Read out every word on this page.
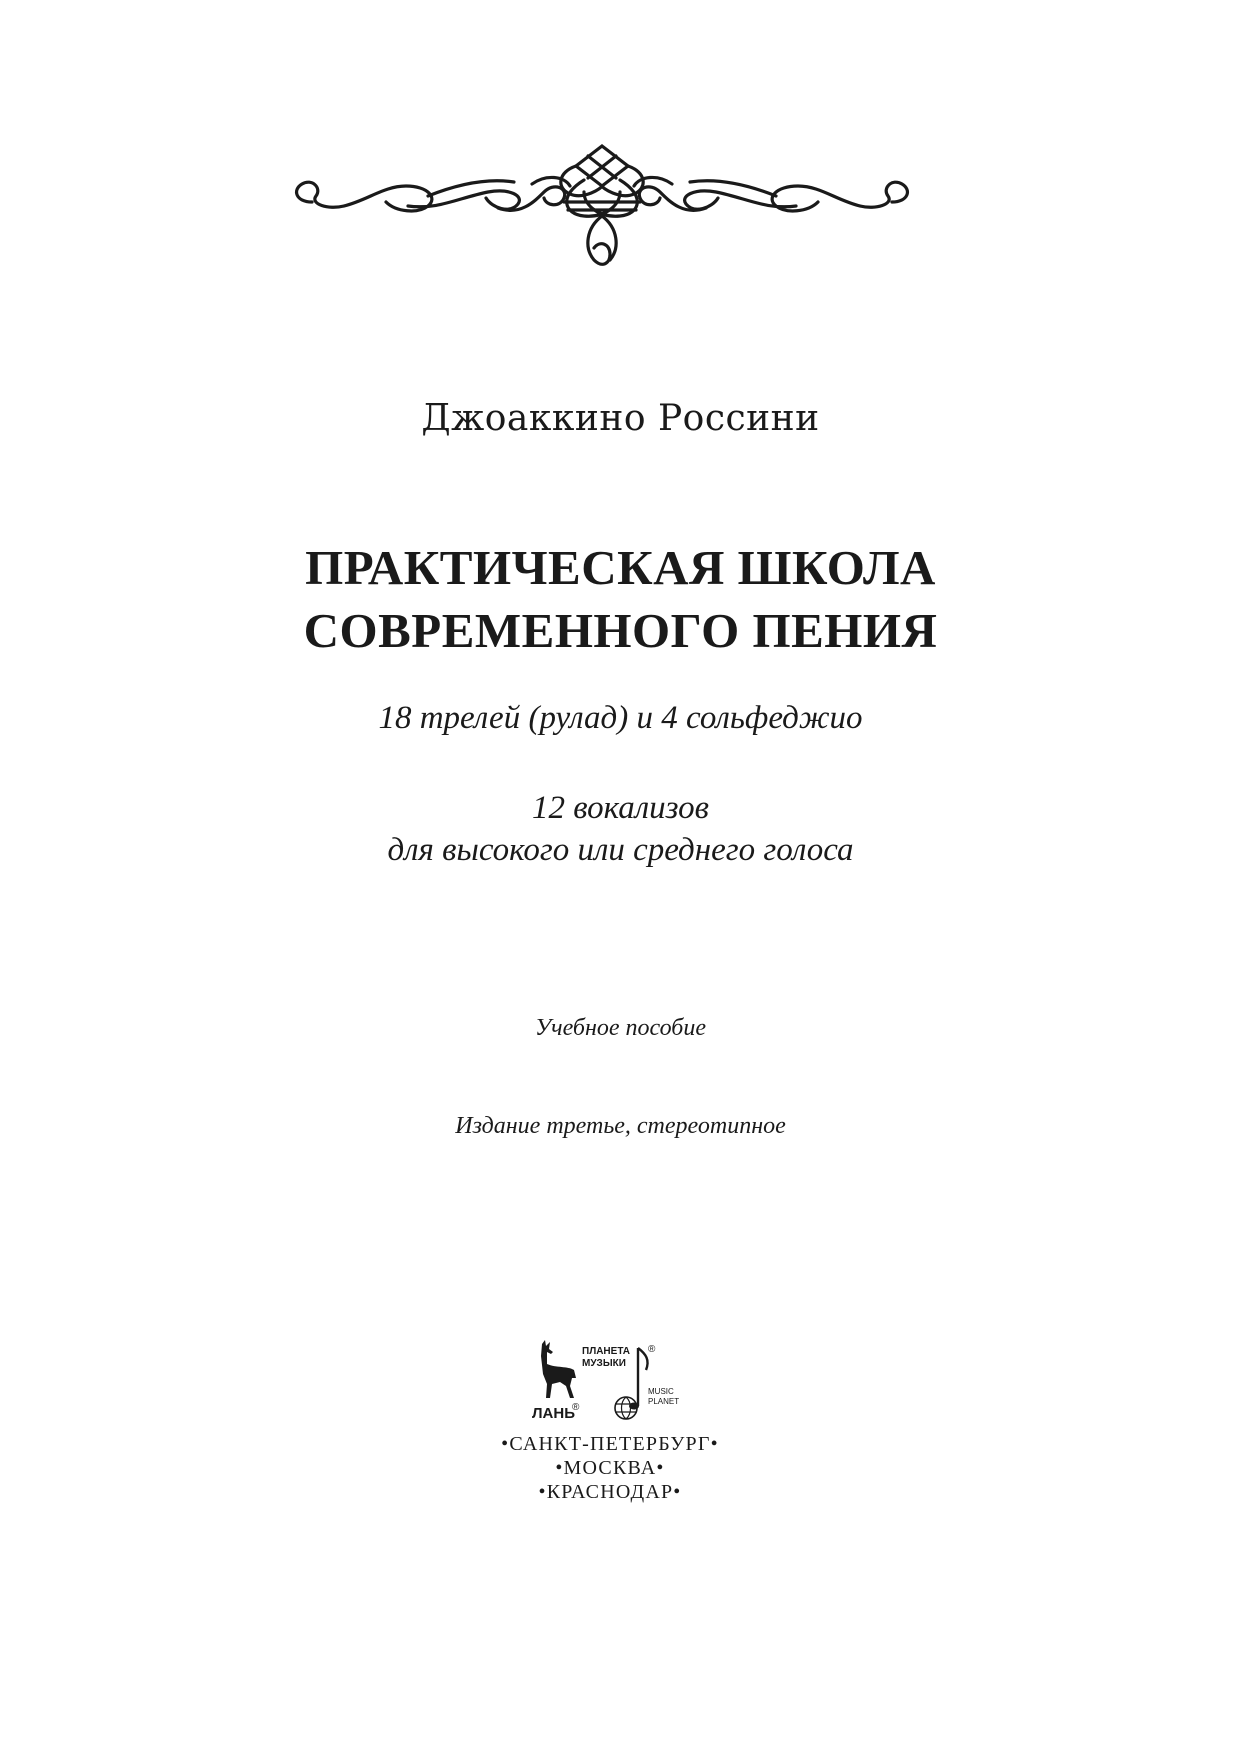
Джоаккино Россини
ПРАКТИЧЕСКАЯ ШКОЛА
СОВРЕМЕННОГО ПЕНИЯ
18 трелей (рулад) и 4 сольфеджио
12 вокализов
для высокого или среднего голоса
Учебное пособие
Издание третье, стереотипное
ЛАНЬ
®
ПЛАНЕТА
МУЗЫКИ
®
MUSIC
PLANET
•САНКТ-ПЕТЕРБУРГ•
•МОСКВА•
•КРАСНОДАР•
